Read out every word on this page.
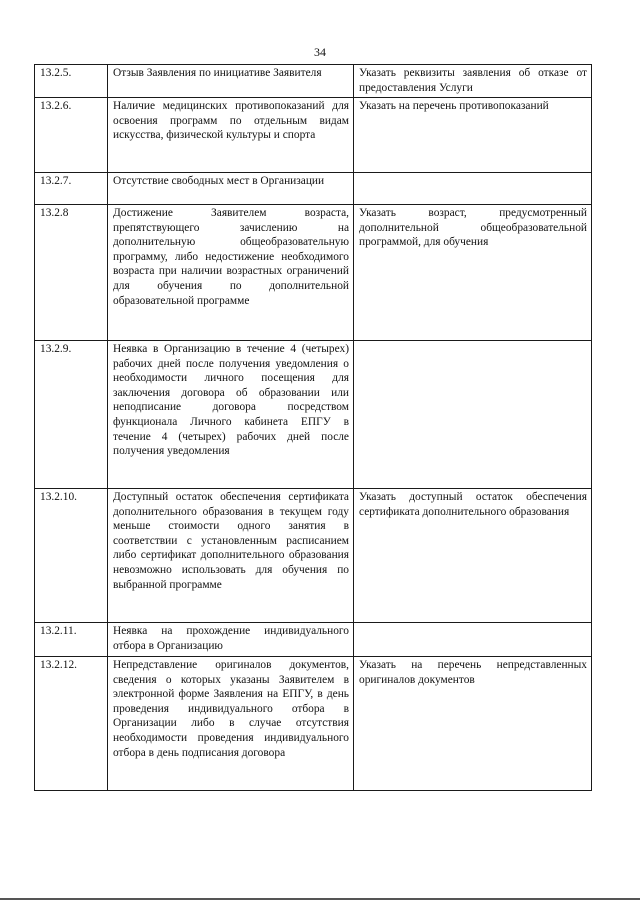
34
13.2.5.	Отзыв Заявления по инициативе Заявителя	Указать реквизиты заявления об отказе от предоставления Услуги
13.2.6.	Наличие медицинских противопоказаний для освоения программ по отдельным видам искусства, физической культуры и спорта	Указать на перечень противопоказаний
13.2.7.	Отсутствие свободных мест в Организации	
13.2.8	Достижение Заявителем возраста, препятствующего зачислению на дополнительную общеобразовательную программу, либо недостижение необходимого возраста при наличии возрастных ограничений для обучения по дополнительной образовательной программе	Указать возраст, предусмотренный дополнительной общеобразовательной программой, для обучения
13.2.9.	Неявка в Организацию в течение 4 (четырех) рабочих дней после получения уведомления о необходимости личного посещения для заключения договора об образовании или неподписание договора посредством функционала Личного кабинета ЕПГУ в течение 4 (четырех) рабочих дней после получения уведомления	
13.2.10.	Доступный остаток обеспечения сертификата дополнительного образования в текущем году меньше стоимости одного занятия в соответствии с установленным расписанием либо сертификат дополнительного образования невозможно использовать для обучения по выбранной программе	Указать доступный остаток обеспечения сертификата дополнительного образования
13.2.11.	Неявка на прохождение индивидуального отбора в Организацию	
13.2.12.	Непредставление оригиналов документов, сведения о которых указаны Заявителем в электронной форме Заявления на ЕПГУ, в день проведения индивидуального отбора в Организации либо в случае отсутствия необходимости проведения индивидуального отбора в день подписания договора	Указать на перечень непредставленных оригиналов документов
